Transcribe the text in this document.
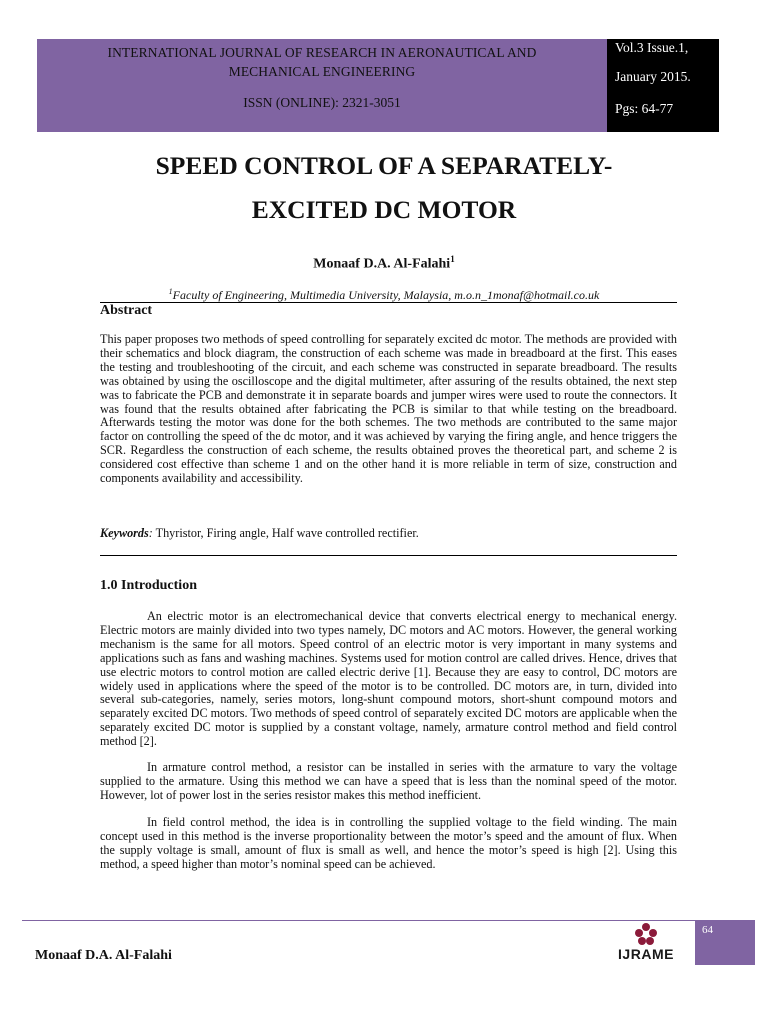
INTERNATIONAL JOURNAL OF RESEARCH IN AERONAUTICAL AND MECHANICAL ENGINEERING
ISSN (ONLINE): 2321-3051
Vol.3 Issue.1,
January 2015.
Pgs: 64-77
SPEED CONTROL OF A SEPARATELY-
EXCITED DC MOTOR
Monaaf D.A. Al-Falahi$^1$
$^1$Faculty of Engineering, Multimedia University, Malaysia, m.o.n_1monaf@hotmail.co.uk
Abstract

This paper proposes two methods of speed controlling for separately excited dc motor. The methods are provided with their schematics and block diagram, the construction of each scheme was made in breadboard at the first. This eases the testing and troubleshooting of the circuit, and each scheme was constructed in separate breadboard. The results was obtained by using the oscilloscope and the digital multimeter, after assuring of the results obtained, the next step was to fabricate the PCB and demonstrate it in separate boards and jumper wires were used to route the connectors. It was found that the results obtained after fabricating the PCB is similar to that while testing on the breadboard. Afterwards testing the motor was done for the both schemes. The two methods are contributed to the same major factor on controlling the speed of the dc motor, and it was achieved by varying the firing angle, and hence triggers the SCR. Regardless the construction of each scheme, the results obtained proves the theoretical part, and scheme 2 is considered cost effective than scheme 1 and on the other hand it is more reliable in term of size, construction and components availability and accessibility.

Keywords: Thyristor, Firing angle, Half wave controlled rectifier.

1.0 Introduction

An electric motor is an electromechanical device that converts electrical energy to mechanical energy. Electric motors are mainly divided into two types namely, DC motors and AC motors. However, the general working mechanism is the same for all motors. Speed control of an electric motor is very important in many systems and applications such as fans and washing machines. Systems used for motion control are called drives. Hence, drives that use electric motors to control motion are called electric derive [1]. Because they are easy to control, DC motors are widely used in applications where the speed of the motor is to be controlled. DC motors are, in turn, divided into several sub-categories, namely, series motors, long-shunt compound motors, short-shunt compound motors and separately excited DC motors. Two methods of speed control of separately excited DC motors are applicable when the separately excited DC motor is supplied by a constant voltage, namely, armature control method and field control method [2].

In armature control method, a resistor can be installed in series with the armature to vary the voltage supplied to the armature. Using this method we can have a speed that is less than the nominal speed of the motor. However, lot of power lost in the series resistor makes this method inefficient.

In field control method, the idea is in controlling the supplied voltage to the field winding. The main concept used in this method is the inverse proportionality between the motor’s speed and the amount of flux. When the supply voltage is small, amount of flux is small as well, and hence the motor’s speed is high [2]. Using this method, a speed higher than motor’s nominal speed can be achieved.

Monaaf D.A. Al-Falahi	IJRAME
64
